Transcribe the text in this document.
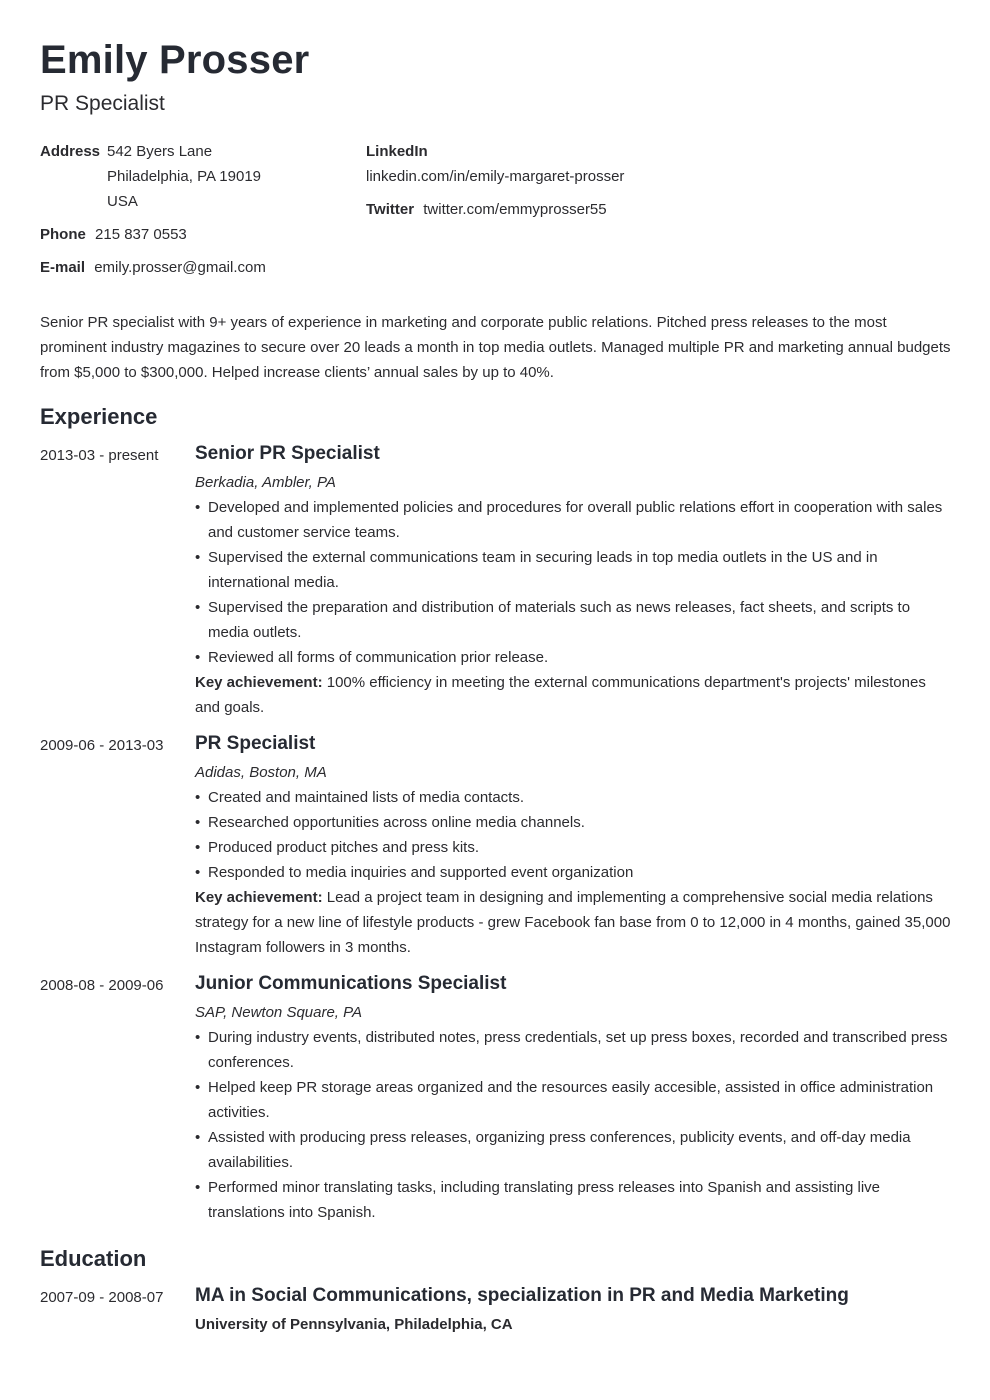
Emily Prosser
PR Specialist
Address 542 Byers Lane
Philadelphia, PA 19019
USA
Phone 215 837 0553
E-mail emily.prosser@gmail.com
LinkedIn
linkedin.com/in/emily-margaret-prosser
Twitter twitter.com/emmyprosser55

Senior PR specialist with 9+ years of experience in marketing and corporate public relations. Pitched press releases to the most prominent industry magazines to secure over 20 leads a month in top media outlets. Managed multiple PR and marketing annual budgets from $5,000 to $300,000. Helped increase clients’ annual sales by up to 40%.

Experience
2013-03 - present Senior PR Specialist

Berkadia, Ambler, PA

• Developed and implemented policies and procedures for overall public relations effort in cooperation with sales and customer service teams.
• Supervised the external communications team in securing leads in top media outlets in the US and in international media.
• Supervised the preparation and distribution of materials such as news releases, fact sheets, and scripts to media outlets.
• Reviewed all forms of communication prior release.

Key achievement: 100% efficiency in meeting the external communications department's projects' milestones and goals.

2009-06 - 2013-03 PR Specialist

Adidas, Boston, MA

• Created and maintained lists of media contacts.
• Researched opportunities across online media channels.
• Produced product pitches and press kits.
• Responded to media inquiries and supported event organization

Key achievement: Lead a project team in designing and implementing a comprehensive social media relations strategy for a new line of lifestyle products - grew Facebook fan base from 0 to 12,000 in 4 months, gained 35,000 Instagram followers in 3 months.

2008-08 - 2009-06 Junior Communications Specialist

SAP, Newton Square, PA

• During industry events, distributed notes, press credentials, set up press boxes, recorded and transcribed press conferences.
• Helped keep PR storage areas organized and the resources easily accesible, assisted in office administration activities.
• Assisted with producing press releases, organizing press conferences, publicity events, and off-day media availabilities.
• Performed minor translating tasks, including translating press releases into Spanish and assisting live translations into Spanish.
Education
2007-09 - 2008-07 MA in Social Communications, specialization in PR and Media Marketing

University of Pennsylvania, Philadelphia, CA
